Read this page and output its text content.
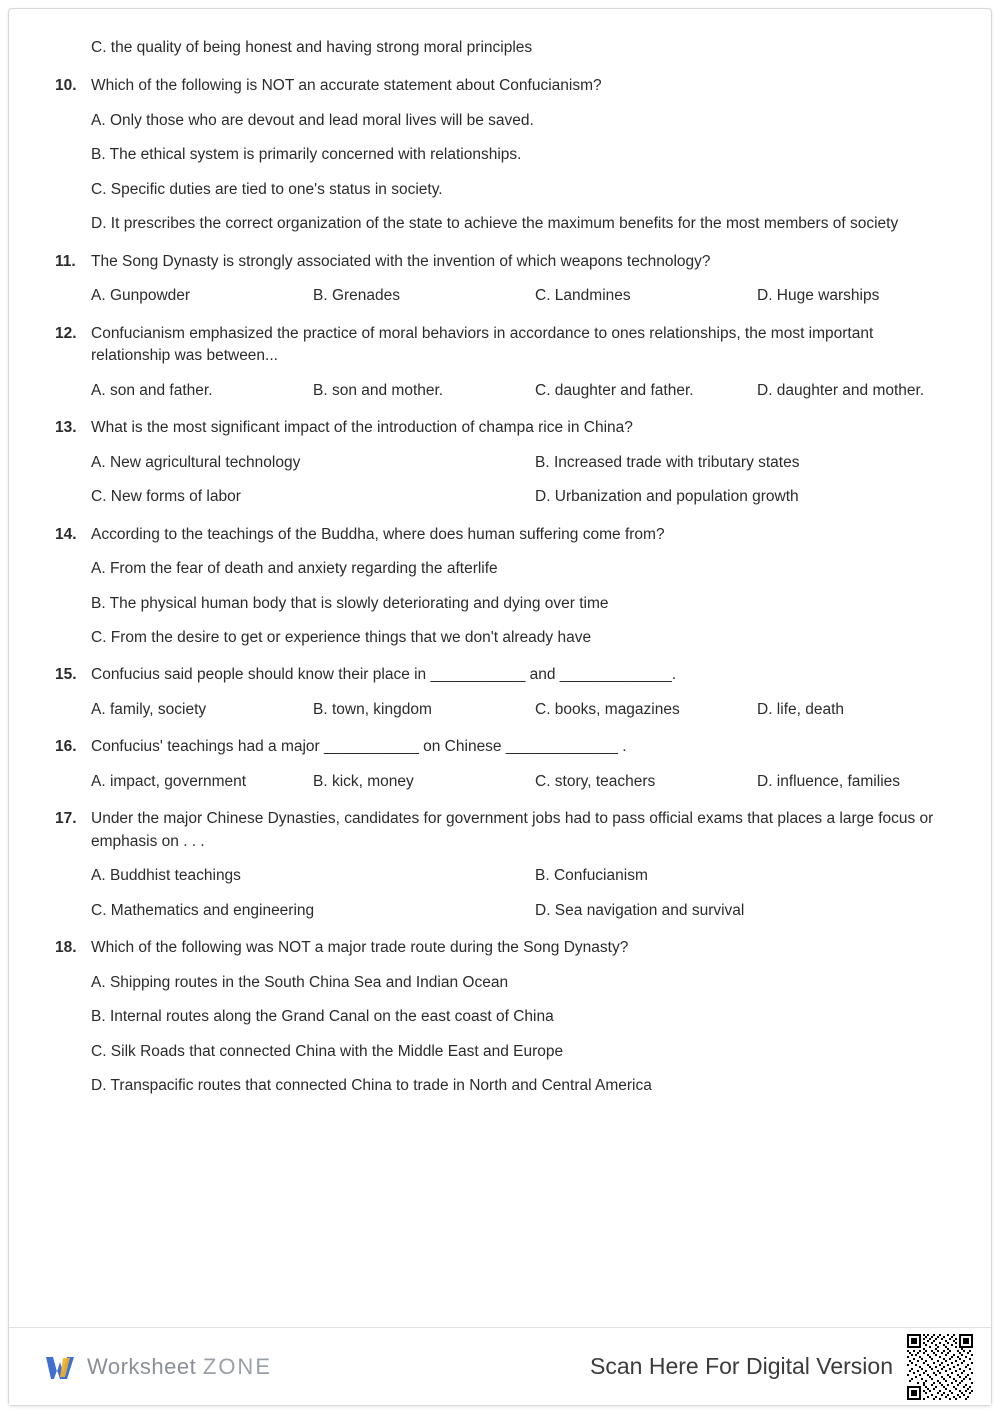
C. the quality of being honest and having strong moral principles
10. Which of the following is NOT an accurate statement about Confucianism?
A. Only those who are devout and lead moral lives will be saved.
B. The ethical system is primarily concerned with relationships.
C. Specific duties are tied to one's status in society.
D. It prescribes the correct organization of the state to achieve the maximum benefits for the most members of society
11. The Song Dynasty is strongly associated with the invention of which weapons technology?
A. Gunpowder	B. Grenades	C. Landmines	D. Huge warships
12. Confucianism emphasized the practice of moral behaviors in accordance to ones relationships, the most important relationship was between...
A. son and father.	B. son and mother.	C. daughter and father.	D. daughter and mother.
13. What is the most significant impact of the introduction of champa rice in China?
A. New agricultural technology	B. Increased trade with tributary states
C. New forms of labor	D. Urbanization and population growth
14. According to the teachings of the Buddha, where does human suffering come from?
A. From the fear of death and anxiety regarding the afterlife
B. The physical human body that is slowly deteriorating and dying over time
C. From the desire to get or experience things that we don't already have
15. Confucius said people should know their place in ___________ and _____________.
A. family, society	B. town, kingdom	C. books, magazines	D. life, death
16. Confucius' teachings had a major ___________ on Chinese _____________ .
A. impact, government	B. kick, money	C. story, teachers	D. influence, families
17. Under the major Chinese Dynasties, candidates for government jobs had to pass official exams that places a large focus or emphasis on . . .
A. Buddhist teachings	B. Confucianism
C. Mathematics and engineering	D. Sea navigation and survival
18. Which of the following was NOT a major trade route during the Song Dynasty?
A. Shipping routes in the South China Sea and Indian Ocean
B. Internal routes along the Grand Canal on the east coast of China
C. Silk Roads that connected China with the Middle East and Europe
D. Transpacific routes that connected China to trade in North and Central America
Worksheet ZONE	Scan Here For Digital Version
